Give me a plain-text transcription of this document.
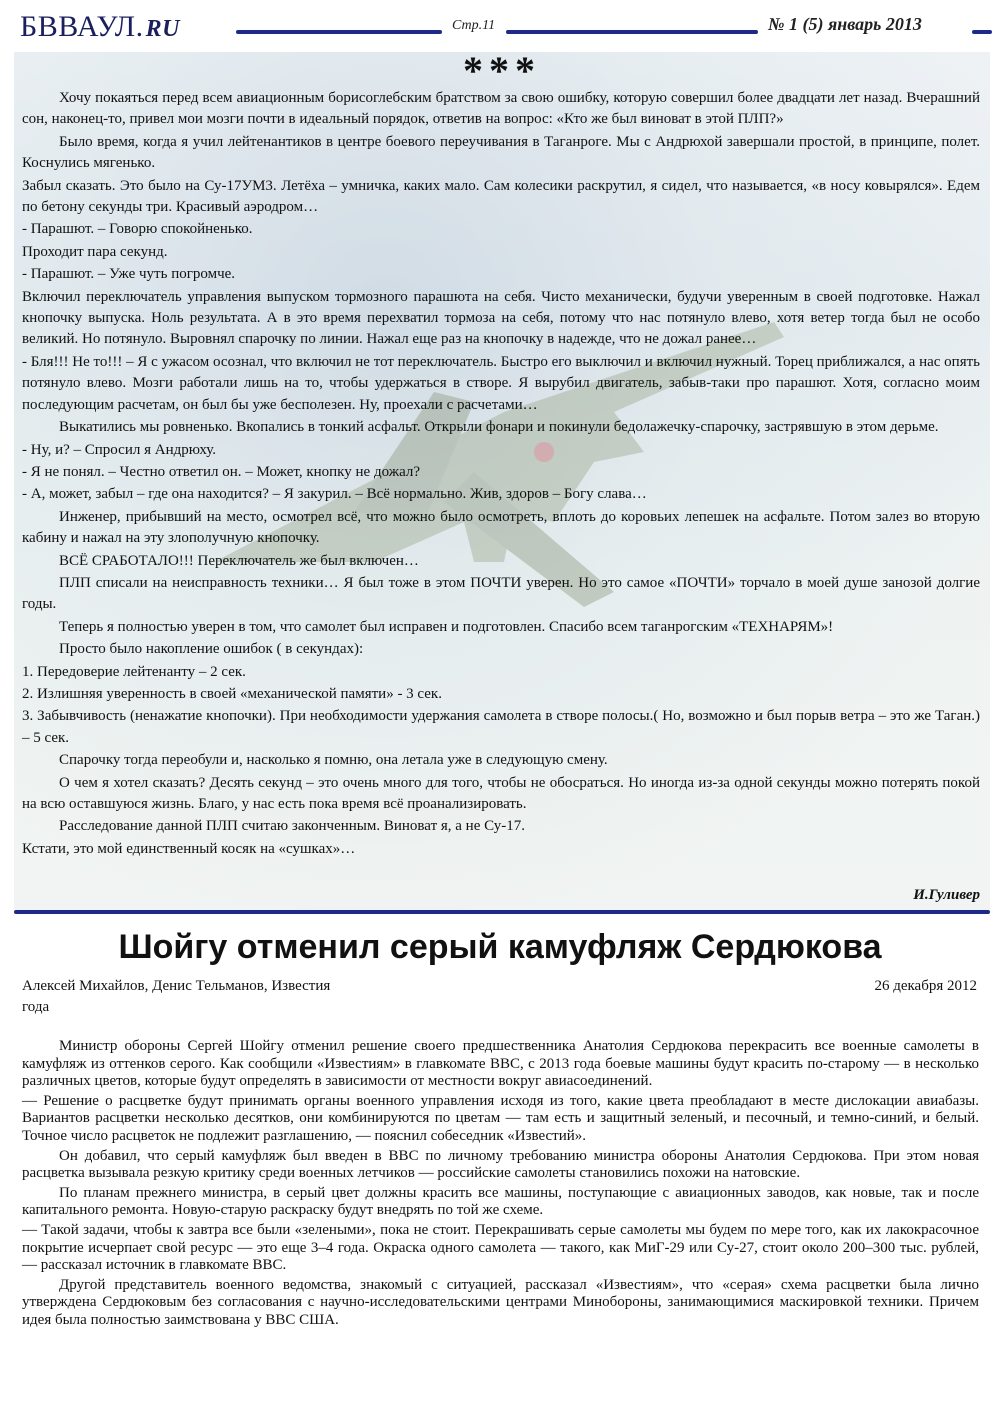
БВВАУЛ.RU	Стр.11	№ 1 (5) январь 2013
***

Хочу покаяться перед всем авиационным борисоглебским братством за свою ошибку, которую совершил более двадцати лет назад. Вчерашний сон, наконец-то, привел мои мозги почти в идеальный порядок, ответив на вопрос: «Кто же был виноват в этой ПЛП?»

Было время, когда я учил лейтенантиков в центре боевого переучивания в Таганроге. Мы с Андрюхой завершали простой, в принципе, полет. Коснулись мягенько.

Забыл сказать. Это было на Су-17УМ3. Летёха – умничка, каких мало. Сам колесики раскрутил, я сидел, что называется, «в носу ковырялся». Едем по бетону секунды три. Красивый аэродром…

- Парашют. – Говорю спокойненько.

Проходит пара секунд.

- Парашют. – Уже чуть погромче.

Включил переключатель управления выпуском тормозного парашюта на себя. Чисто механически, будучи уверенным в своей подготовке. Нажал кнопочку выпуска. Ноль результата. А в это время перехватил тормоза на себя, потому что нас потянуло влево, хотя ветер тогда был не особо великий. Но потянуло. Выровнял спарочку по линии. Нажал еще раз на кнопочку в надежде, что не дожал ранее…

- Бля!!! Не то!!! – Я с ужасом осознал, что включил не тот переключатель. Быстро его выключил и включил нужный. Торец приближался, а нас опять потянуло влево. Мозги работали лишь на то, чтобы удержаться в створе. Я вырубил двигатель, забыв-таки про парашют. Хотя, согласно моим последующим расчетам, он был бы уже бесполезен. Ну, проехали с расчетами…

Выкатились мы ровненько. Вкопались в тонкий асфальт. Открыли фонари и покинули бедолажечку-спарочку, застрявшую в этом дерьме.

- Ну, и? – Спросил я Андрюху.

- Я не понял. – Честно ответил он. – Может, кнопку не дожал?

- А, может, забыл – где она находится? – Я закурил. – Всё нормально. Жив, здоров – Богу слава…

Инженер, прибывший на место, осмотрел всё, что можно было осмотреть, вплоть до коровьих лепешек на асфальте. Потом залез во вторую кабину и нажал на эту злополучную кнопочку.

ВСЁ СРАБОТАЛО!!! Переключатель же был включен…

ПЛП списали на неисправность техники… Я был тоже в этом ПОЧТИ уверен. Но это самое «ПОЧТИ» торчало в моей душе занозой долгие годы.

Теперь я полностью уверен в том, что самолет был исправен и подготовлен. Спасибо всем таганрогским «ТЕХНАРЯМ»!

Просто было накопление ошибок ( в секундах):

1. Передоверие лейтенанту – 2 сек.

2. Излишняя уверенность в своей «механической памяти» - 3 сек.

3. Забывчивость (ненажатие кнопочки). При необходимости удержания самолета в створе полосы.( Но, возможно и был порыв ветра – это же Таган.) – 5 сек.

Спарочку тогда переобули и, насколько я помню, она летала уже в следующую смену.

О чем я хотел сказать? Десять секунд – это очень много для того, чтобы не обосраться. Но иногда из-за одной секунды можно потерять покой на всю оставшуюся жизнь. Благо, у нас есть пока время всё проанализировать.

Расследование данной ПЛП считаю законченным. Виноват я, а не Су-17.

Кстати, это мой единственный косяк на «сушках»…

И.Гуливер
Шойгу отменил серый камуфляж Сердюкова
Алексей Михайлов, Денис Тельманов, Известия	26 декабря 2012
года

Министр обороны Сергей Шойгу отменил решение своего предшественника Анатолия Сердюкова перекрасить все военные самолеты в камуфляж из оттенков серого. Как сообщили «Известиям» в главкомате ВВС, с 2013 года боевые машины будут красить по-старому — в несколько различных цветов, которые будут определять в зависимости от местности вокруг авиасоединений.

— Решение о расцветке будут принимать органы военного управления исходя из того, какие цвета преобладают в месте дислокации авиабазы. Вариантов расцветки несколько десятков, они комбинируются по цветам — там есть и защитный зеленый, и песочный, и темно-синий, и белый. Точное число расцветок не подлежит разглашению, — пояснил собеседник «Известий».

Он добавил, что серый камуфляж был введен в ВВС по личному требованию министра обороны Анатолия Сердюкова. При этом новая расцветка вызывала резкую критику среди военных летчиков — российские самолеты становились похожи на натовские.

По планам прежнего министра, в серый цвет должны красить все машины, поступающие с авиационных заводов, как новые, так и после капитального ремонта. Новую-старую раскраску будут внедрять по той же схеме.

— Такой задачи, чтобы к завтра все были «зелеными», пока не стоит. Перекрашивать серые самолеты мы будем по мере того, как их лакокрасочное покрытие исчерпает свой ресурс — это еще 3–4 года. Окраска одного самолета — такого, как МиГ-29 или Су-27, стоит около 200–300 тыс. рублей, — рассказал источник в главкомате ВВС.

Другой представитель военного ведомства, знакомый с ситуацией, рассказал «Известиям», что «серая» схема расцветки была лично утверждена Сердюковым без согласования с научно-исследовательскими центрами Минобороны, занимающимися маскировкой техники. Причем идея была полностью заимствована у ВВС США.
